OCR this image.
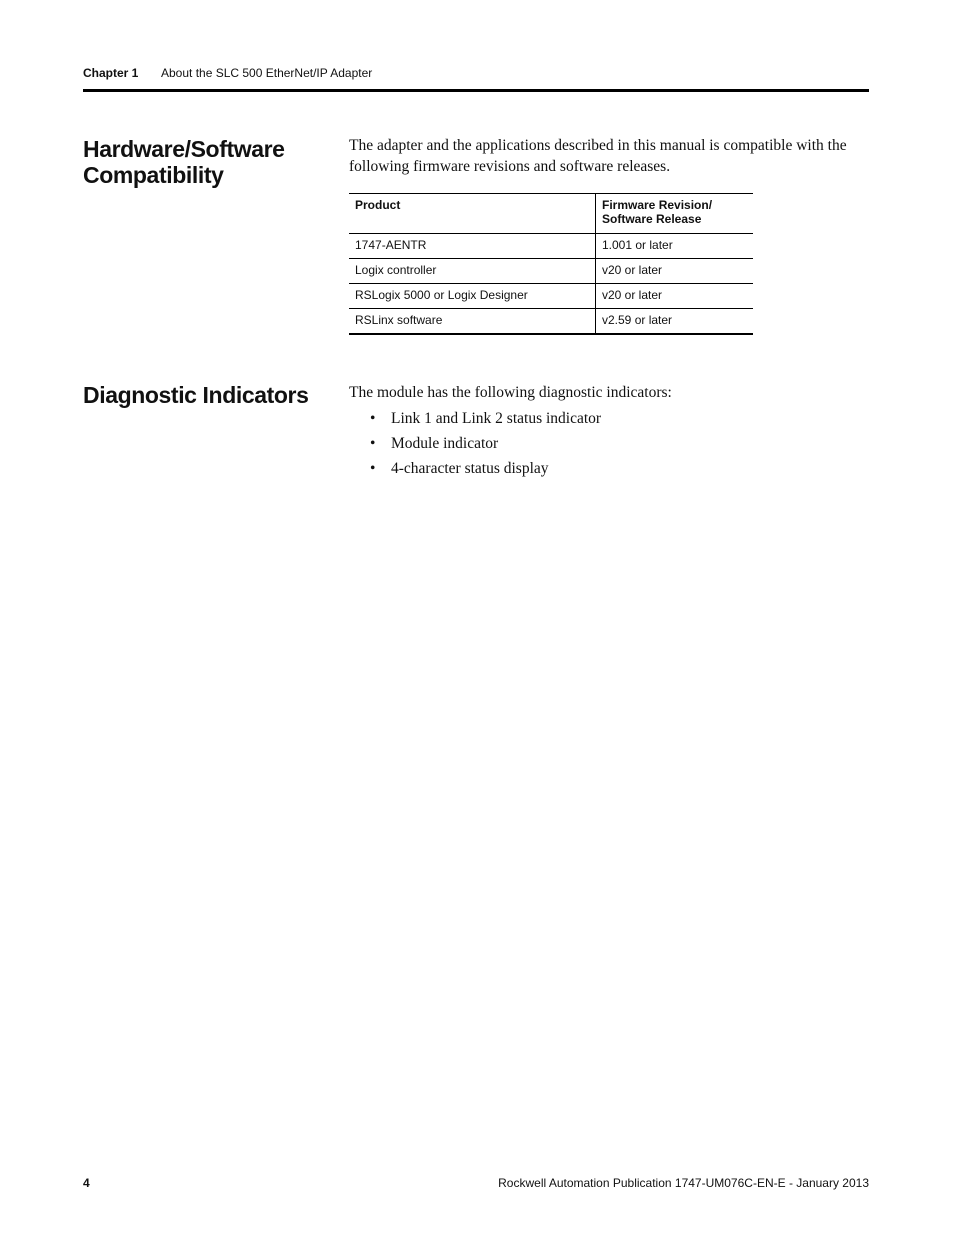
Chapter 1 About the SLC 500 EtherNet/IP Adapter
Hardware/Software Compatibility
The adapter and the applications described in this manual is compatible with the following firmware revisions and software releases.
Product	Firmware Revision/ Software Release
1747-AENTR	1.001 or later
Logix controller	v20 or later
RSLogix 5000 or Logix Designer	v20 or later
RSLinx software	v2.59 or later
Diagnostic Indicators	The module has the following diagnostic indicators:
• Link 1 and Link 2 status indicator
• Module indicator
• 4-character status display
4	Rockwell Automation Publication 1747-UM076C-EN-E - January 2013
